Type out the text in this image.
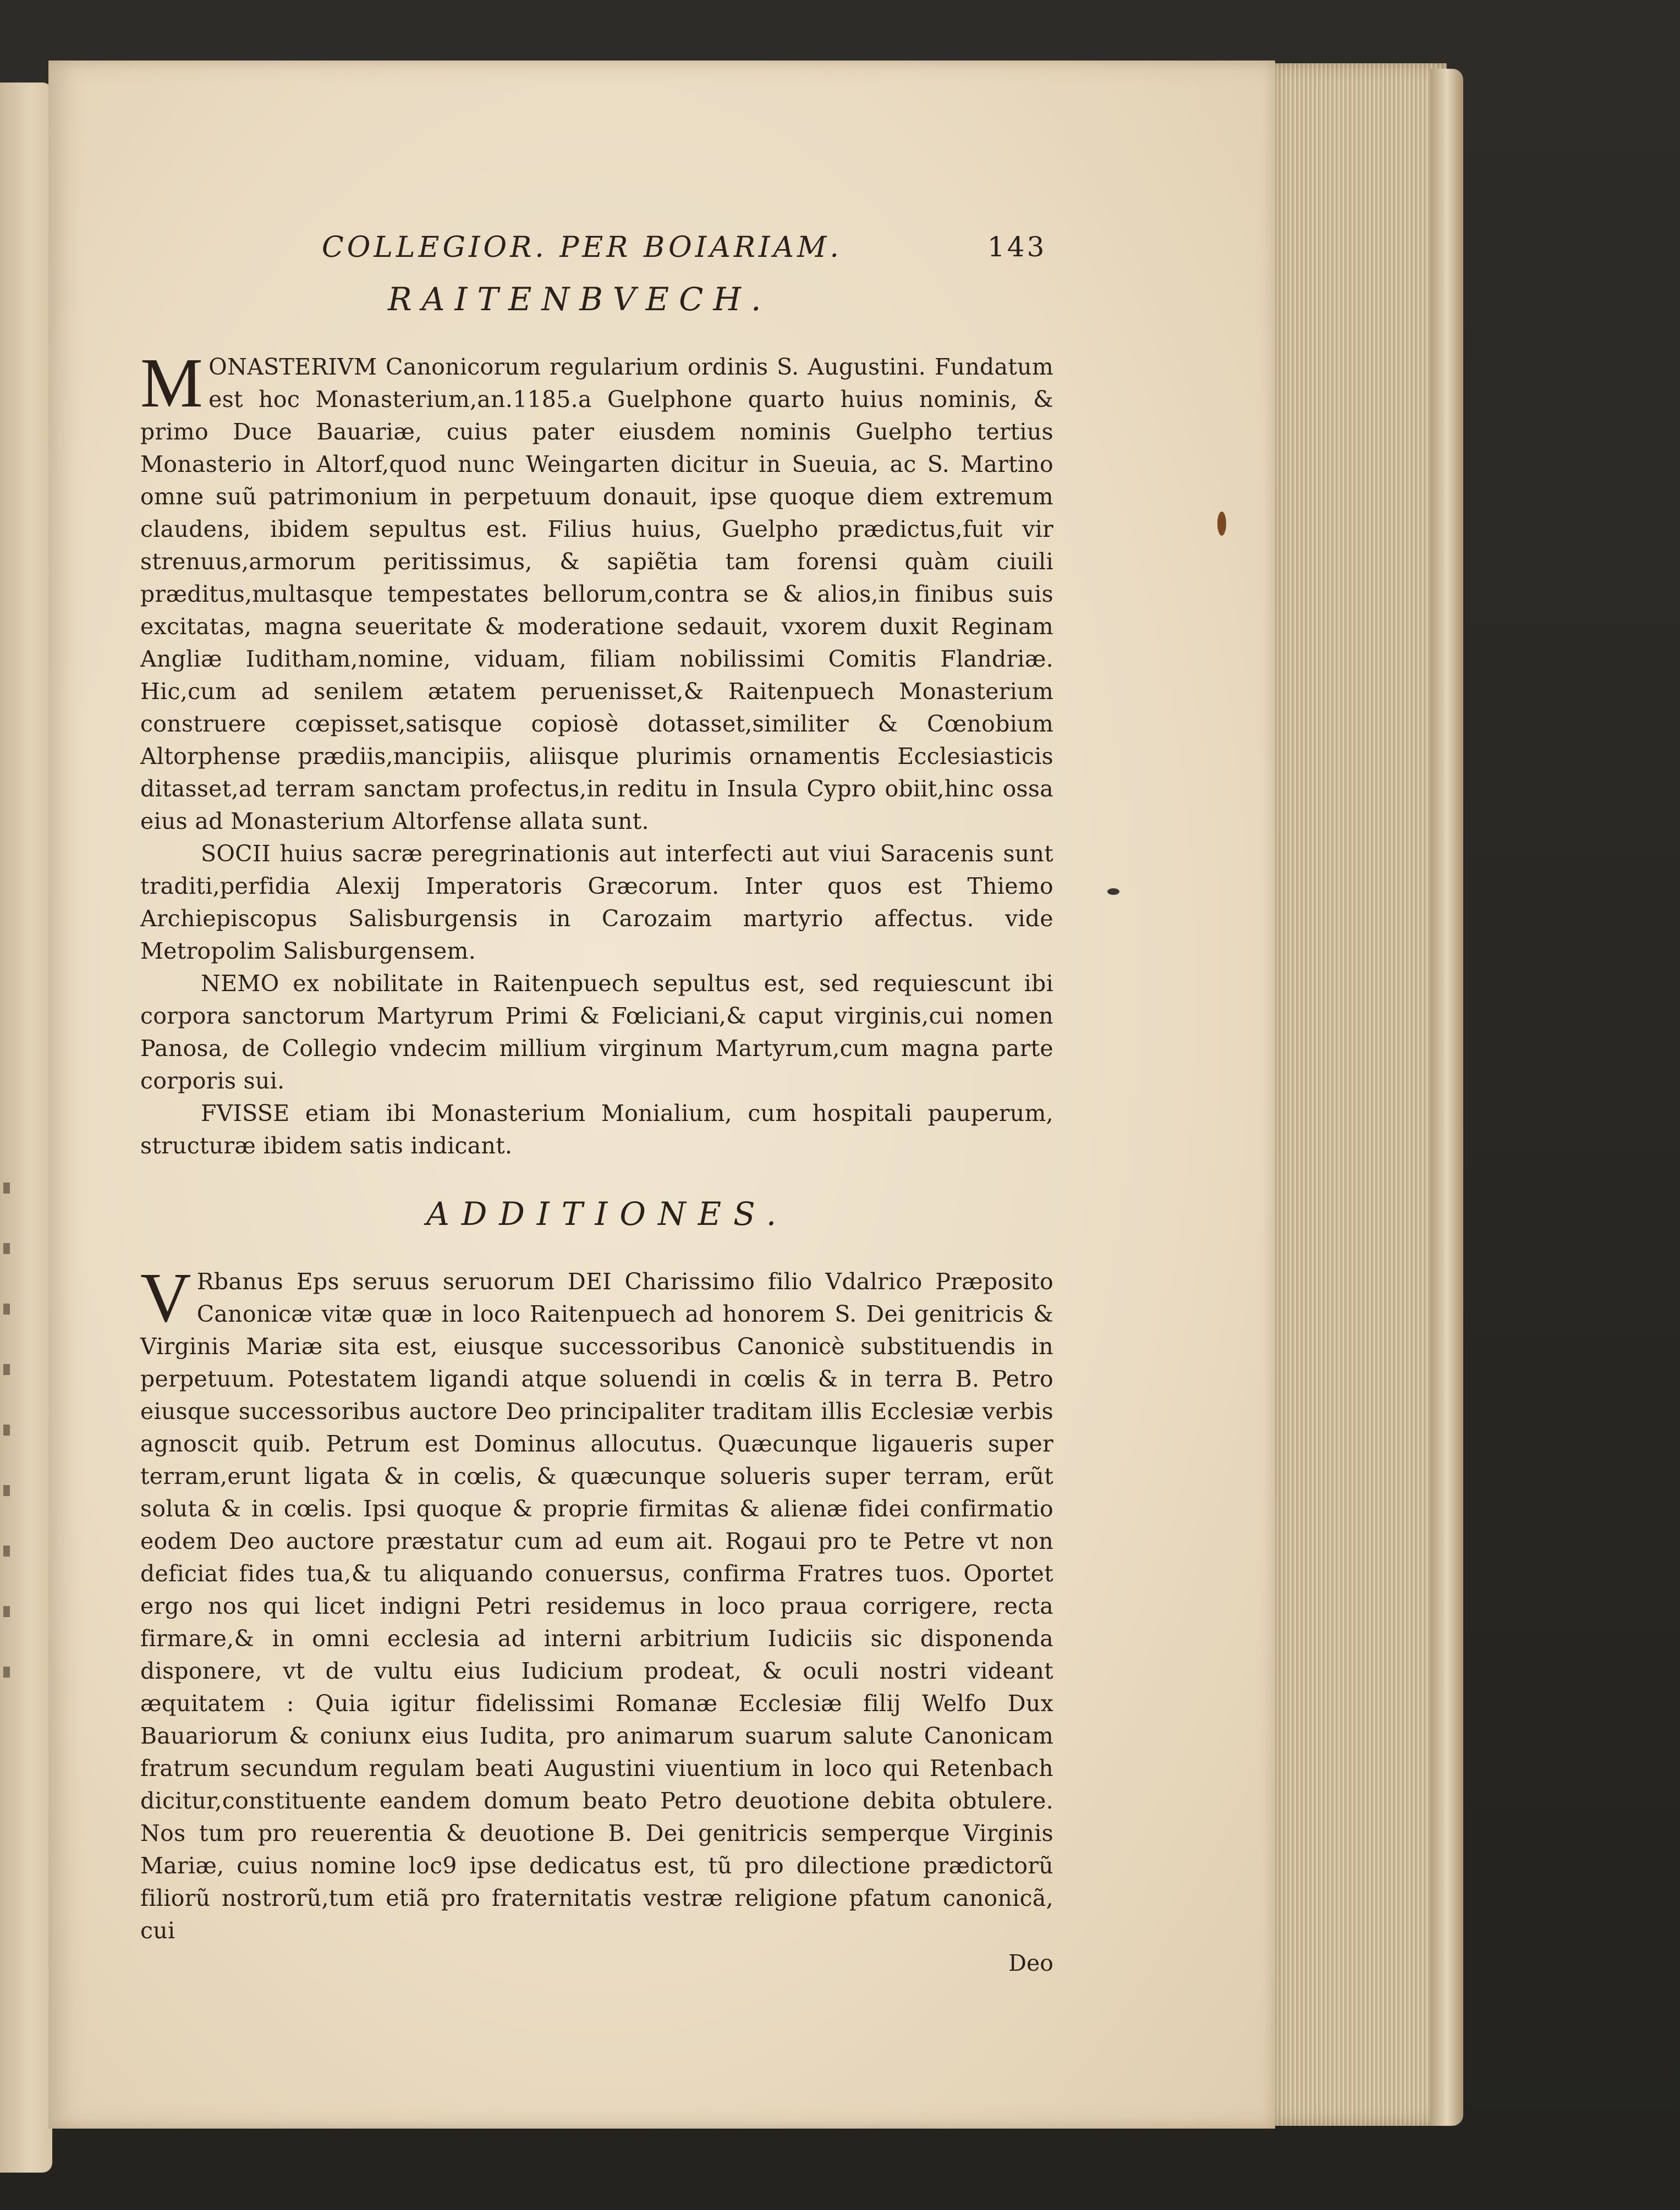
COLLEGIOR. PER BOIARIAM.	143
RAITENBVECH.

MONASTERIVM Canonicorum regularium ordinis S. Augustini. Fundatum est hoc Monasterium,an.1185.a Guelphone quarto huius nominis, & primo Duce Bauariæ, cuius pater eiusdem nominis Guelpho tertius Monasterio in Altorf,quod nunc Weingarten dicitur in Sueuia, ac S. Martino omne suũ patrimonium in perpetuum donauit, ipse quoque diem extremum claudens, ibidem sepultus est. Filius huius, Guelpho prædictus,fuit vir strenuus,armorum peritissimus, & sapiẽtia tam forensi quàm ciuili præditus,multasque tempestates bellorum,contra se & alios,in finibus suis excitatas, magna seueritate & moderatione sedauit, vxorem duxit Reginam Angliæ Iuditham,nomine, viduam, filiam nobilissimi Comitis Flandriæ. Hic,cum ad senilem ætatem peruenisset,& Raitenpuech Monasterium construere cœpisset,satisque copiosè dotasset,similiter & Cœnobium Altorphense prædiis,mancipiis, aliisque plurimis ornamentis Ecclesiasticis ditasset,ad terram sanctam profectus,in reditu in Insula Cypro obiit,hinc ossa eius ad Monasterium Altorfense allata sunt.

SOCII huius sacræ peregrinationis aut interfecti aut viui Saracenis sunt traditi,perfidia Alexij Imperatoris Græcorum. Inter quos est Thiemo Archiepiscopus Salisburgensis in Carozaim martyrio affectus. vide Metropolim Salisburgensem.

NEMO ex nobilitate in Raitenpuech sepultus est, sed requiescunt ibi corpora sanctorum Martyrum Primi & Fœliciani,& caput virginis,cui nomen Panosa, de Collegio vndecim millium virginum Martyrum,cum magna parte corporis sui.

FVISSE etiam ibi Monasterium Monialium, cum hospitali pauperum, structuræ ibidem satis indicant.

ADDITIONES.

V Rbanus Eps seruus seruorum DEI Charissimo filio Vdalrico Præposito Canonicæ vitæ quæ in loco Raitenpuech ad honorem S. Dei genitricis & Virginis Mariæ sita est, eiusque successoribus Canonicè substituendis in perpetuum. Potestatem ligandi atque soluendi in cœlis & in terra B. Petro eiusque successoribus auctore Deo principaliter traditam illis Ecclesiæ verbis agnoscit quib. Petrum est Dominus allocutus. Quæcunque ligaueris super terram,erunt ligata & in cœlis, & quæcunque solueris super terram, erũt soluta & in cœlis. Ipsi quoque & proprie firmitas & alienæ fidei confirmatio eodem Deo auctore præstatur cum ad eum ait. Rogaui pro te Petre vt non deficiat fides tua,& tu aliquando conuersus, confirma Fratres tuos. Oportet ergo nos qui licet indigni Petri residemus in loco praua corrigere, recta firmare,& in omni ecclesia ad interni arbitrium Iudiciis sic disponenda disponere, vt de vultu eius Iudicium prodeat, & oculi nostri videant æquitatem : Quia igitur fidelissimi Romanæ Ecclesiæ filij Welfo Dux Bauariorum & coniunx eius Iudita, pro animarum suarum salute Canonicam fratrum secundum regulam beati Augustini viuentium in loco qui Retenbach dicitur,constituente eandem domum beato Petro deuotione debita obtulere. Nos tum pro reuerentia & deuotione B. Dei genitricis semperque Virginis Mariæ, cuius nomine loc9 ipse dedicatus est, tũ pro dilectione prædictorũ filiorũ nostrorũ,tum etiã pro fraternitatis vestræ religione pfatum canonicã, cui

Deo
